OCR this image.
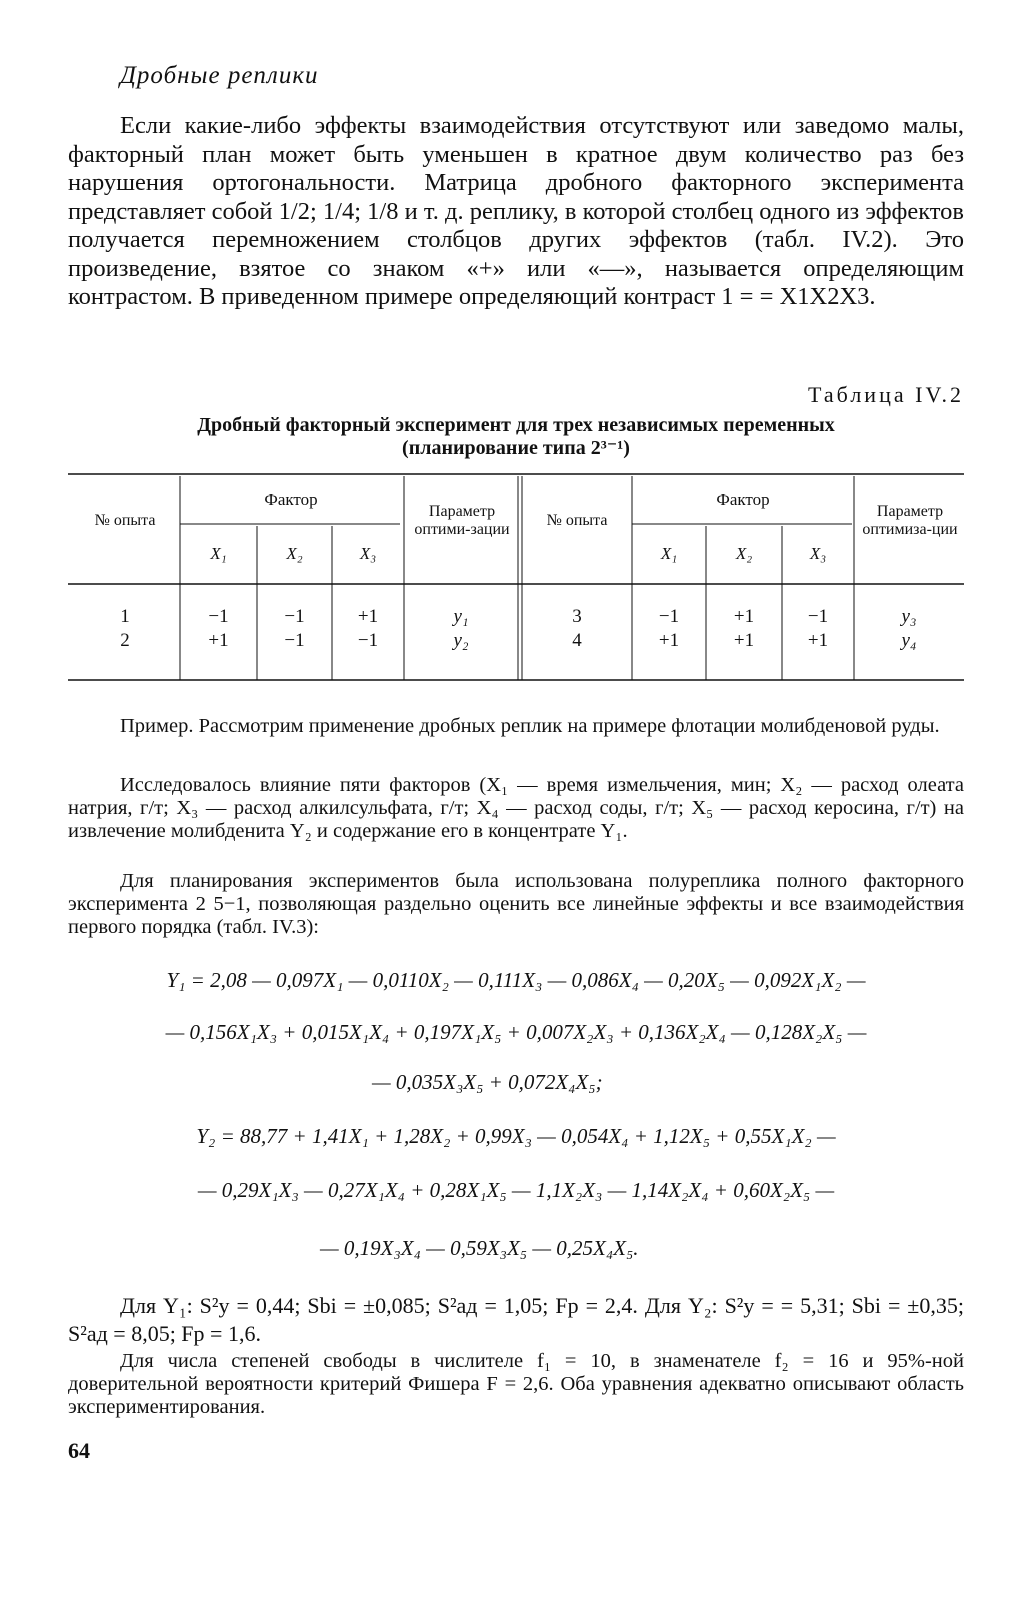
Дробные реплики
Если какие-либо эффекты взаимодействия отсутствуют или заведомо малы, факторный план может быть уменьшен в кратное двум количество раз без нарушения ортогональности. Матрица дробного факторного эксперимента представляет собой 1/2; 1/4; 1/8 и т. д. реплику, в которой столбец одного из эффектов получается перемножением столбцов других эффектов (табл. IV.2). Это произведение, взятое со знаком «+» или «—», называется определяющим контрастом. В приведенном примере определяющий контраст 1 = = X1X2X3.
Таблица IV.2
Дробный факторный эксперимент для трех независимых переменных
(планирование типа 2³⁻¹)
№ опыта
Фактор
Параметр оптими-зации
X₁	X₂	X₃
№ опыта
Фактор
Параметр оптимиза-ции
X₁	X₂	X₃
1	−1	−1	+1	y₁	3	−1	+1	−1	y₃
2	+1	−1	−1	y₂	4	+1	+1	+1	y₄
Пример. Рассмотрим применение дробных реплик на примере флотации молибденовой руды.
Исследовалось влияние пяти факторов (X₁ — время измельчения, мин; X₂ — расход олеата натрия, г/т; X₃ — расход алкилсульфата, г/т; X₄ — расход соды, г/т; X₅ — расход керосина, г/т) на извлечение молибденита Y₂ и содержание его в концентрате Y₁.
Для планирования экспериментов была использована полуреплика полного факторного эксперимента 2 5−1, позволяющая раздельно оценить все линейные эффекты и все взаимодействия первого порядка (табл. IV.3):
Y₁ = 2,08 — 0,097X₁ — 0,0110X₂ — 0,111X₃ — 0,086X₄ — 0,20X₅ — 0,092X₁X₂ —
— 0,156X₁X₃ + 0,015X₁X₄ + 0,197X₁X₅ + 0,007X₂X₃ + 0,136X₂X₄ — 0,128X₂X₅ —
— 0,035X₃X₅ + 0,072X₄X₅;
Y₂ = 88,77 + 1,41X₁ + 1,28X₂ + 0,99X₃ — 0,054X₄ + 1,12X₅ + 0,55X₁X₂ —
— 0,29X₁X₃ — 0,27X₁X₄ + 0,28X₁X₅ — 1,1X₂X₃ — 1,14X₂X₄ + 0,60X₂X₅ —
— 0,19X₃X₄ — 0,59X₃X₅ — 0,25X₄X₅.
Для Y₁: S²y = 0,44; Sbi = ±0,085; S²ад = 1,05; Fр = 2,4. Для Y₂: S²y = = 5,31; Sbi = ±0,35; S²ад = 8,05; Fр = 1,6.
Для числа степеней свободы в числителе f₁ = 10, в знаменателе f₂ = 16 и 95%-ной доверительной вероятности критерий Фишера F = 2,6. Оба уравнения адекватно описывают область экспериментирования.
64
